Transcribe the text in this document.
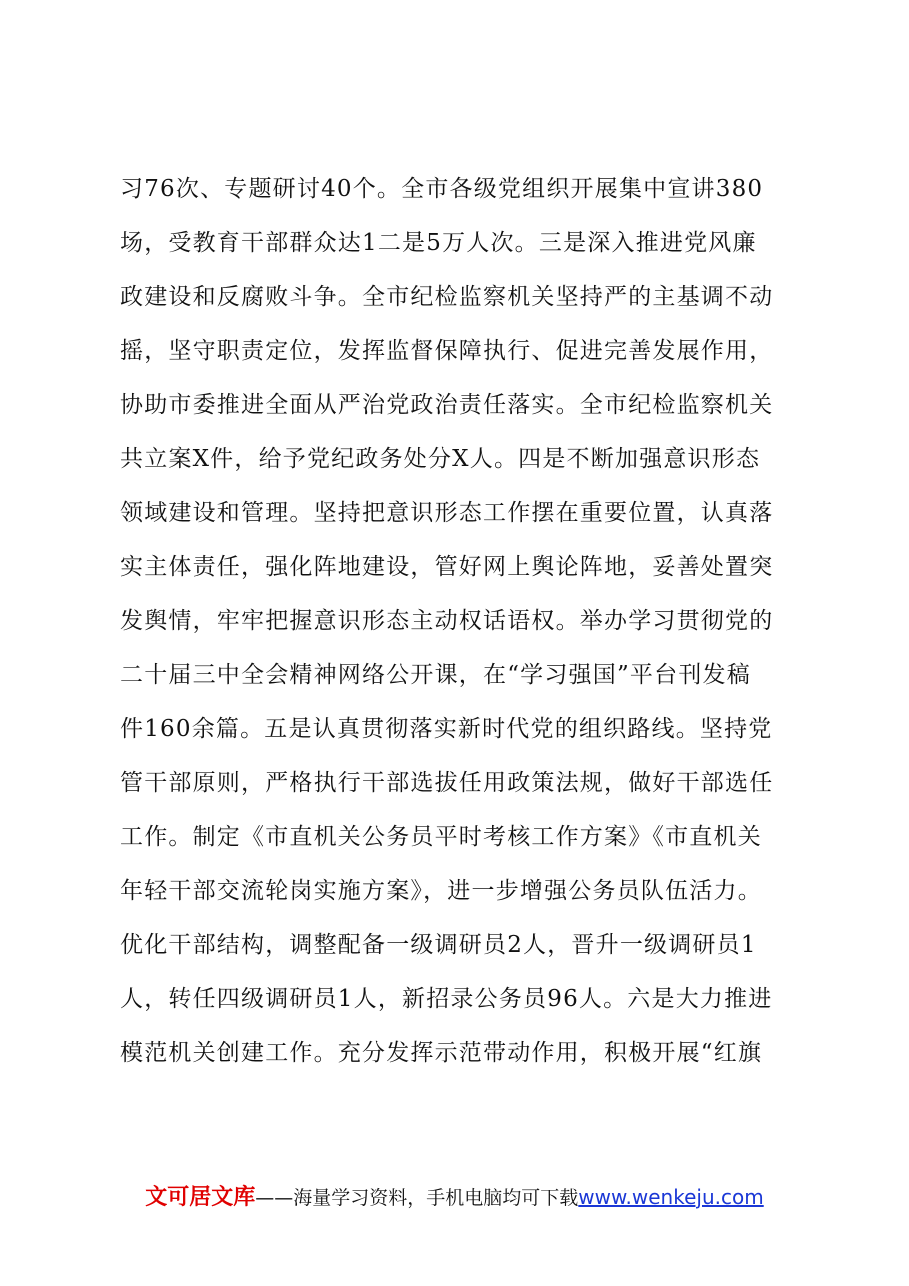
习76次、专题研讨40个。全市各级党组织开展集中宣讲380
场，受教育干部群众达1二是5万人次。三是深入推进党风廉
政建设和反腐败斗争。全市纪检监察机关坚持严的主基调不动
摇，坚守职责定位，发挥监督保障执行、促进完善发展作用，
协助市委推进全面从严治党政治责任落实。全市纪检监察机关
共立案X件，给予党纪政务处分X人。四是不断加强意识形态
领域建设和管理。坚持把意识形态工作摆在重要位置，认真落
实主体责任，强化阵地建设，管好网上舆论阵地，妥善处置突
发舆情，牢牢把握意识形态主动权话语权。举办学习贯彻党的
二十届三中全会精神网络公开课，在“学习强国”平台刊发稿
件160余篇。五是认真贯彻落实新时代党的组织路线。坚持党
管干部原则，严格执行干部选拔任用政策法规，做好干部选任
工作。制定《市直机关公务员平时考核工作方案》《市直机关
年轻干部交流轮岗实施方案》，进一步增强公务员队伍活力。
优化干部结构，调整配备一级调研员2人，晋升一级调研员1
人，转任四级调研员1人，新招录公务员96人。六是大力推进
模范机关创建工作。充分发挥示范带动作用，积极开展“红旗
文可居文库——海量学习资料，手机电脑均可下载www.wenkeju.com
